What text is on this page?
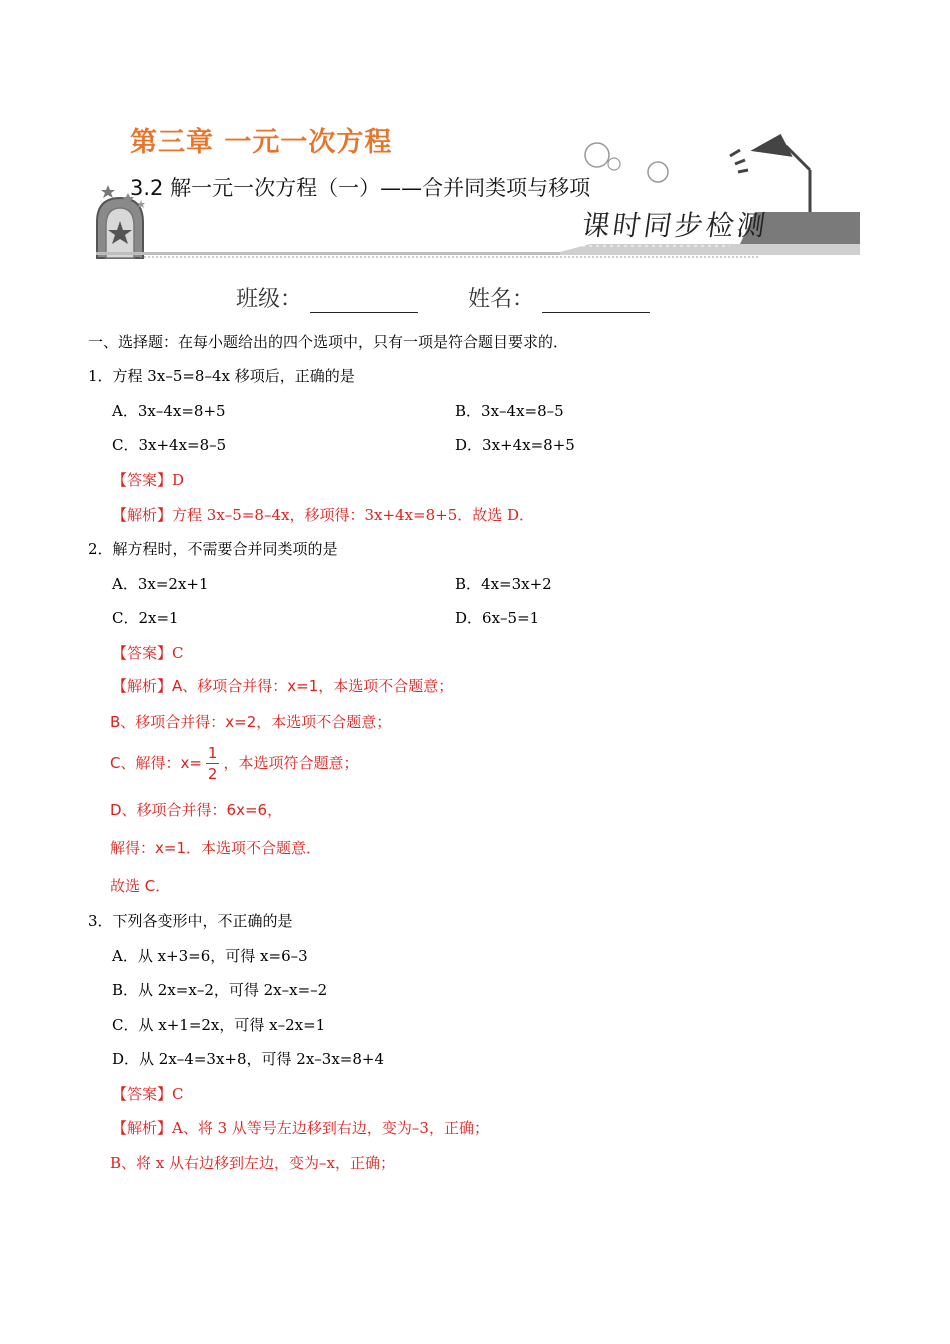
第三章 一元一次方程
3.2 解一元一次方程（一）——合并同类项与移项
课时同步检测
班级：	姓名：
一、选择题：在每小题给出的四个选项中，只有一项是符合题目要求的．
1．方程 3x–5=8–4x 移项后，正确的是
A．3x–4x=8+5	B．3x–4x=8–5
C．3x+4x=8–5	D．3x+4x=8+5
【答案】D
【解析】方程 3x–5=8–4x，移项得：3x+4x=8+5．故选 D．
2．解方程时，不需要合并同类项的是
A．3x=2x+1	B．4x=3x+2
C．2x=1	D．6x–5=1
【答案】C
【解析】A、移项合并得：x=1，本选项不合题意；
B、移项合并得：x=2，本选项不合题意；
C、解得：$x= \frac{1}{2}$ ，本选项符合题意；
D、移项合并得：6x=6，
解得：x=1．本选项不合题意．
故选 C．
3．下列各变形中，不正确的是
A．从 x+3=6，可得 x=6–3
B．从 2x=x–2，可得 2x–x=–2
C．从 x+1=2x，可得 x–2x=1
D．从 2x–4=3x+8，可得 2x–3x=8+4
【答案】C
【解析】A、将 3 从等号左边移到右边，变为–3，正确；
B、将 x 从右边移到左边，变为–x，正确；
